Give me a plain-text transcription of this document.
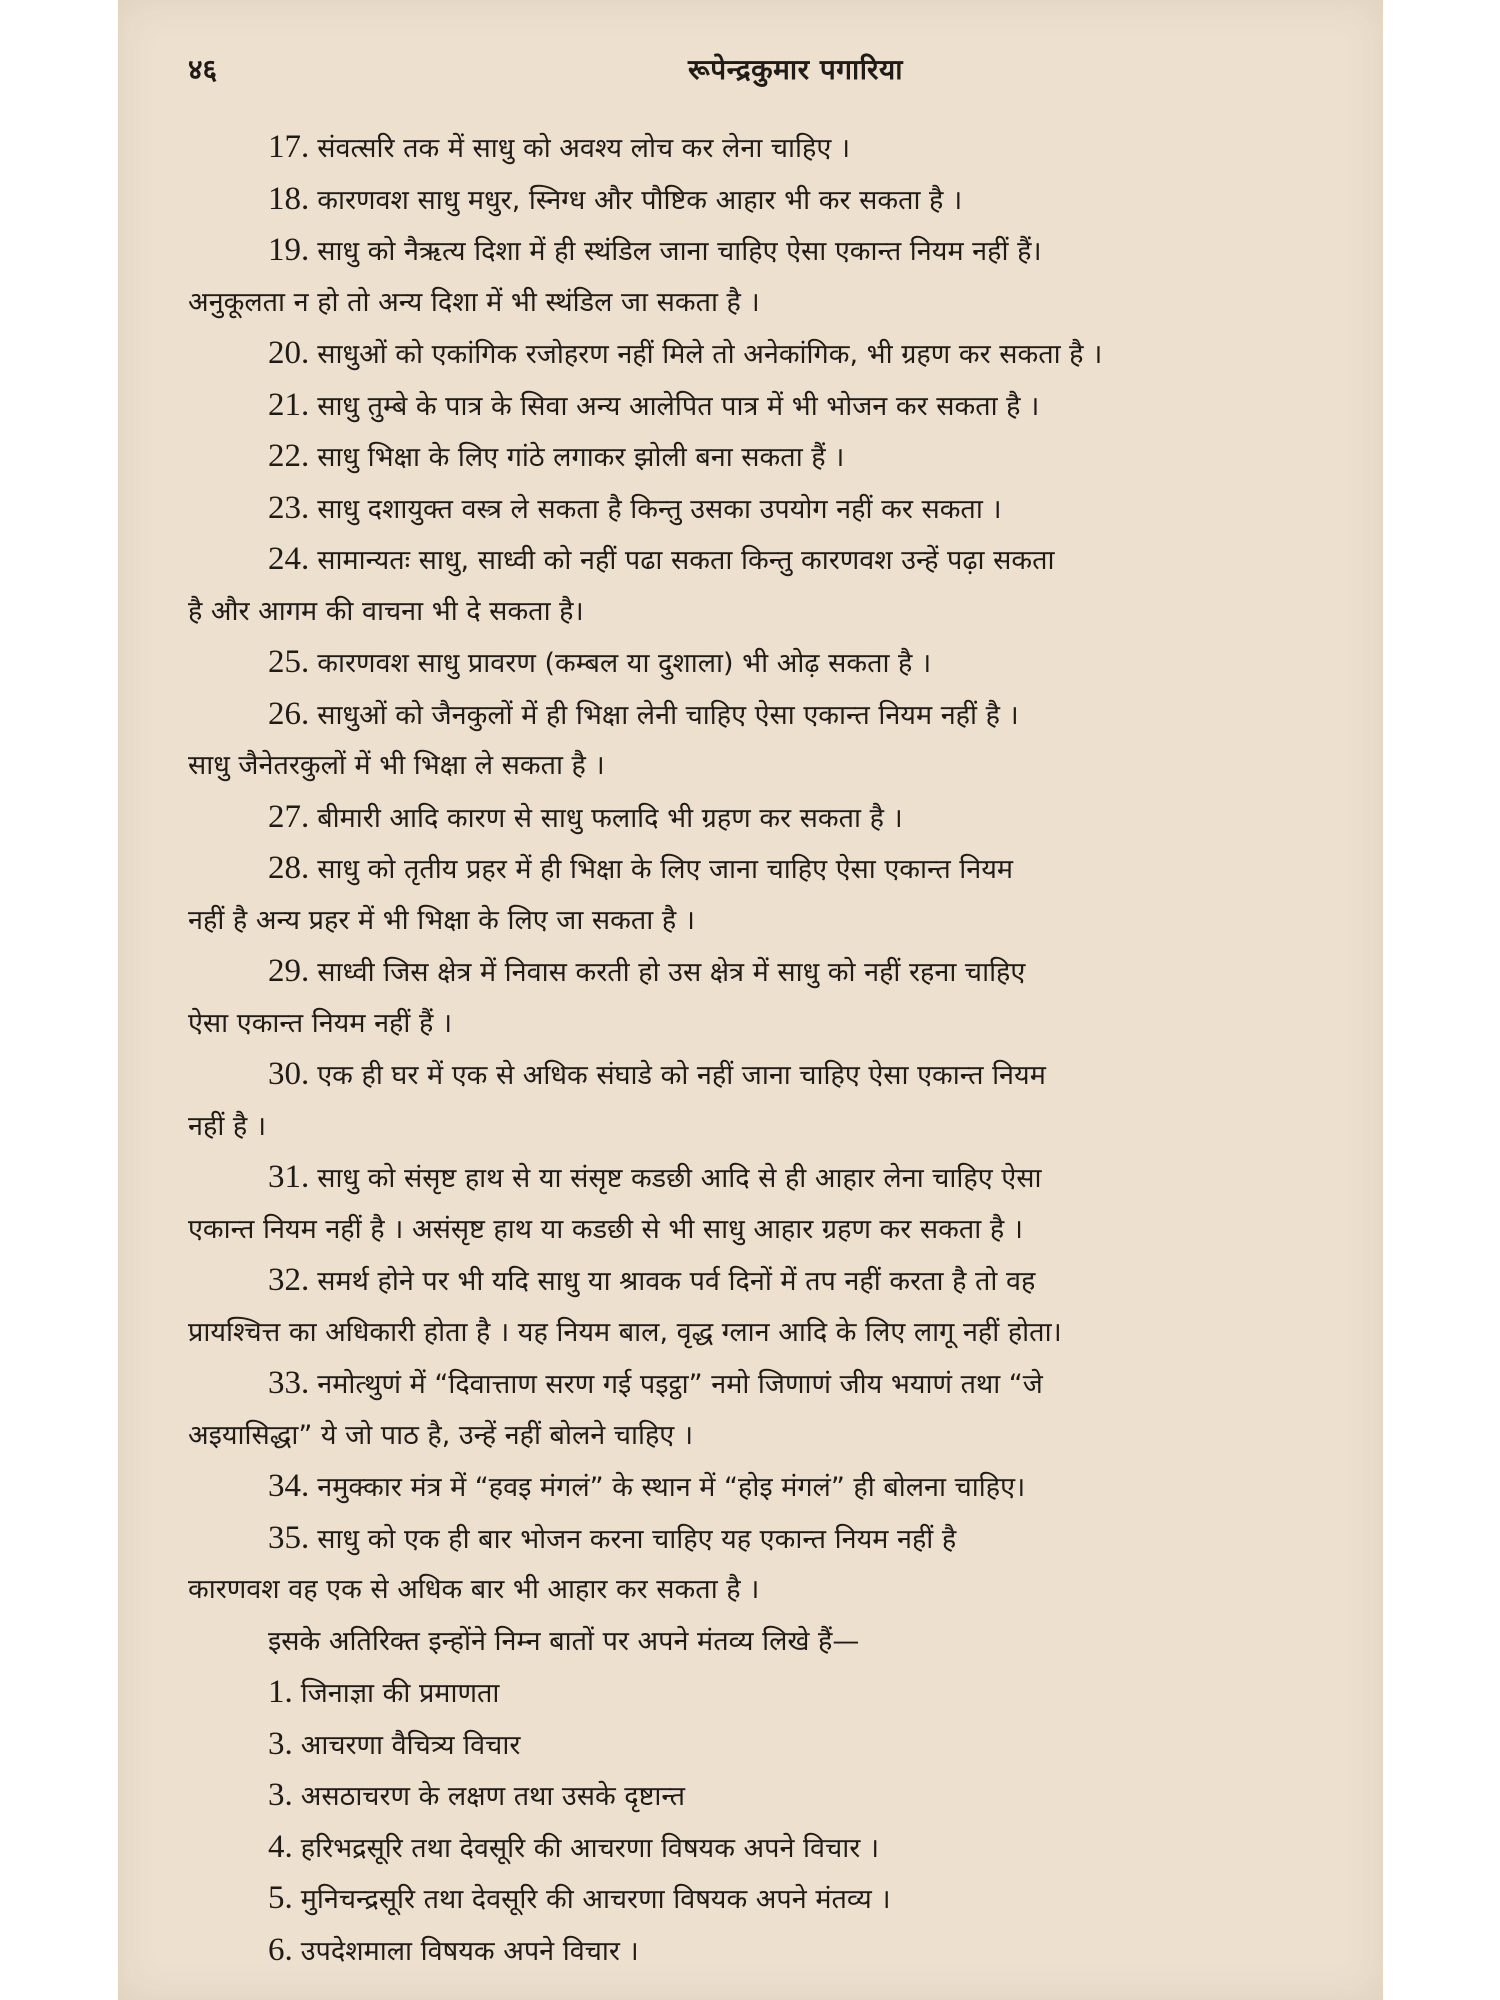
४६	रूपेन्द्रकुमार पगारिया
17. संवत्सरि तक में साधु को अवश्य लोच कर लेना चाहिए ।
18. कारणवश साधु मधुर, स्निग्ध और पौष्टिक आहार भी कर सकता है ।
19. साधु को नैऋत्य दिशा में ही स्थंडिल जाना चाहिए ऐसा एकान्त नियम नहीं हैं।
अनुकूलता न हो तो अन्य दिशा में भी स्थंडिल जा सकता है ।
20. साधुओं को एकांगिक रजोहरण नहीं मिले तो अनेकांगिक, भी ग्रहण कर सकता है ।
21. साधु तुम्बे के पात्र के सिवा अन्य आलेपित पात्र में भी भोजन कर सकता है ।
22. साधु भिक्षा के लिए गांठे लगाकर झोली बना सकता हैं ।
23. साधु दशायुक्त वस्त्र ले सकता है किन्तु उसका उपयोग नहीं कर सकता ।
24. सामान्यतः साधु, साध्वी को नहीं पढा सकता किन्तु कारणवश उन्हें पढ़ा सकता
है और आगम की वाचना भी दे सकता है।
25. कारणवश साधु प्रावरण (कम्बल या दुशाला) भी ओढ़ सकता है ।
26. साधुओं को जैनकुलों में ही भिक्षा लेनी चाहिए ऐसा एकान्त नियम नहीं है ।
साधु जैनेतरकुलों में भी भिक्षा ले सकता है ।
27. बीमारी आदि कारण से साधु फलादि भी ग्रहण कर सकता है ।
28. साधु को तृतीय प्रहर में ही भिक्षा के लिए जाना चाहिए ऐसा एकान्त नियम
नहीं है अन्य प्रहर में भी भिक्षा के लिए जा सकता है ।
29. साध्वी जिस क्षेत्र में निवास करती हो उस क्षेत्र में साधु को नहीं रहना चाहिए
ऐसा एकान्त नियम नहीं हैं ।
30. एक ही घर में एक से अधिक संघाडे को नहीं जाना चाहिए ऐसा एकान्त नियम
नहीं है ।
31. साधु को संसृष्ट हाथ से या संसृष्ट कडछी आदि से ही आहार लेना चाहिए ऐसा
एकान्त नियम नहीं है । असंसृष्ट हाथ या कडछी से भी साधु आहार ग्रहण कर सकता है ।
32. समर्थ होने पर भी यदि साधु या श्रावक पर्व दिनों में तप नहीं करता है तो वह
प्रायश्चित्त का अधिकारी होता है । यह नियम बाल, वृद्ध ग्लान आदि के लिए लागू नहीं होता।
33. नमोत्थुणं में “दिवात्ताण सरण गई पइट्ठा” नमो जिणाणं जीय भयाणं तथा “जे
अइयासिद्धा” ये जो पाठ है, उन्हें नहीं बोलने चाहिए ।
34. नमुक्कार मंत्र में “हवइ मंगलं” के स्थान में “होइ मंगलं” ही बोलना चाहिए।
35. साधु को एक ही बार भोजन करना चाहिए यह एकान्त नियम नहीं है
कारणवश वह एक से अधिक बार भी आहार कर सकता है ।
इसके अतिरिक्त इन्होंने निम्न बातों पर अपने मंतव्य लिखे हैं—
1. जिनाज्ञा की प्रमाणता
3. आचरणा वैचित्र्य विचार
3. असठाचरण के लक्षण तथा उसके दृष्टान्त
4. हरिभद्रसूरि तथा देवसूरि की आचरणा विषयक अपने विचार ।
5. मुनिचन्द्रसूरि तथा देवसूरि की आचरणा विषयक अपने मंतव्य ।
6. उपदेशमाला विषयक अपने विचार ।
